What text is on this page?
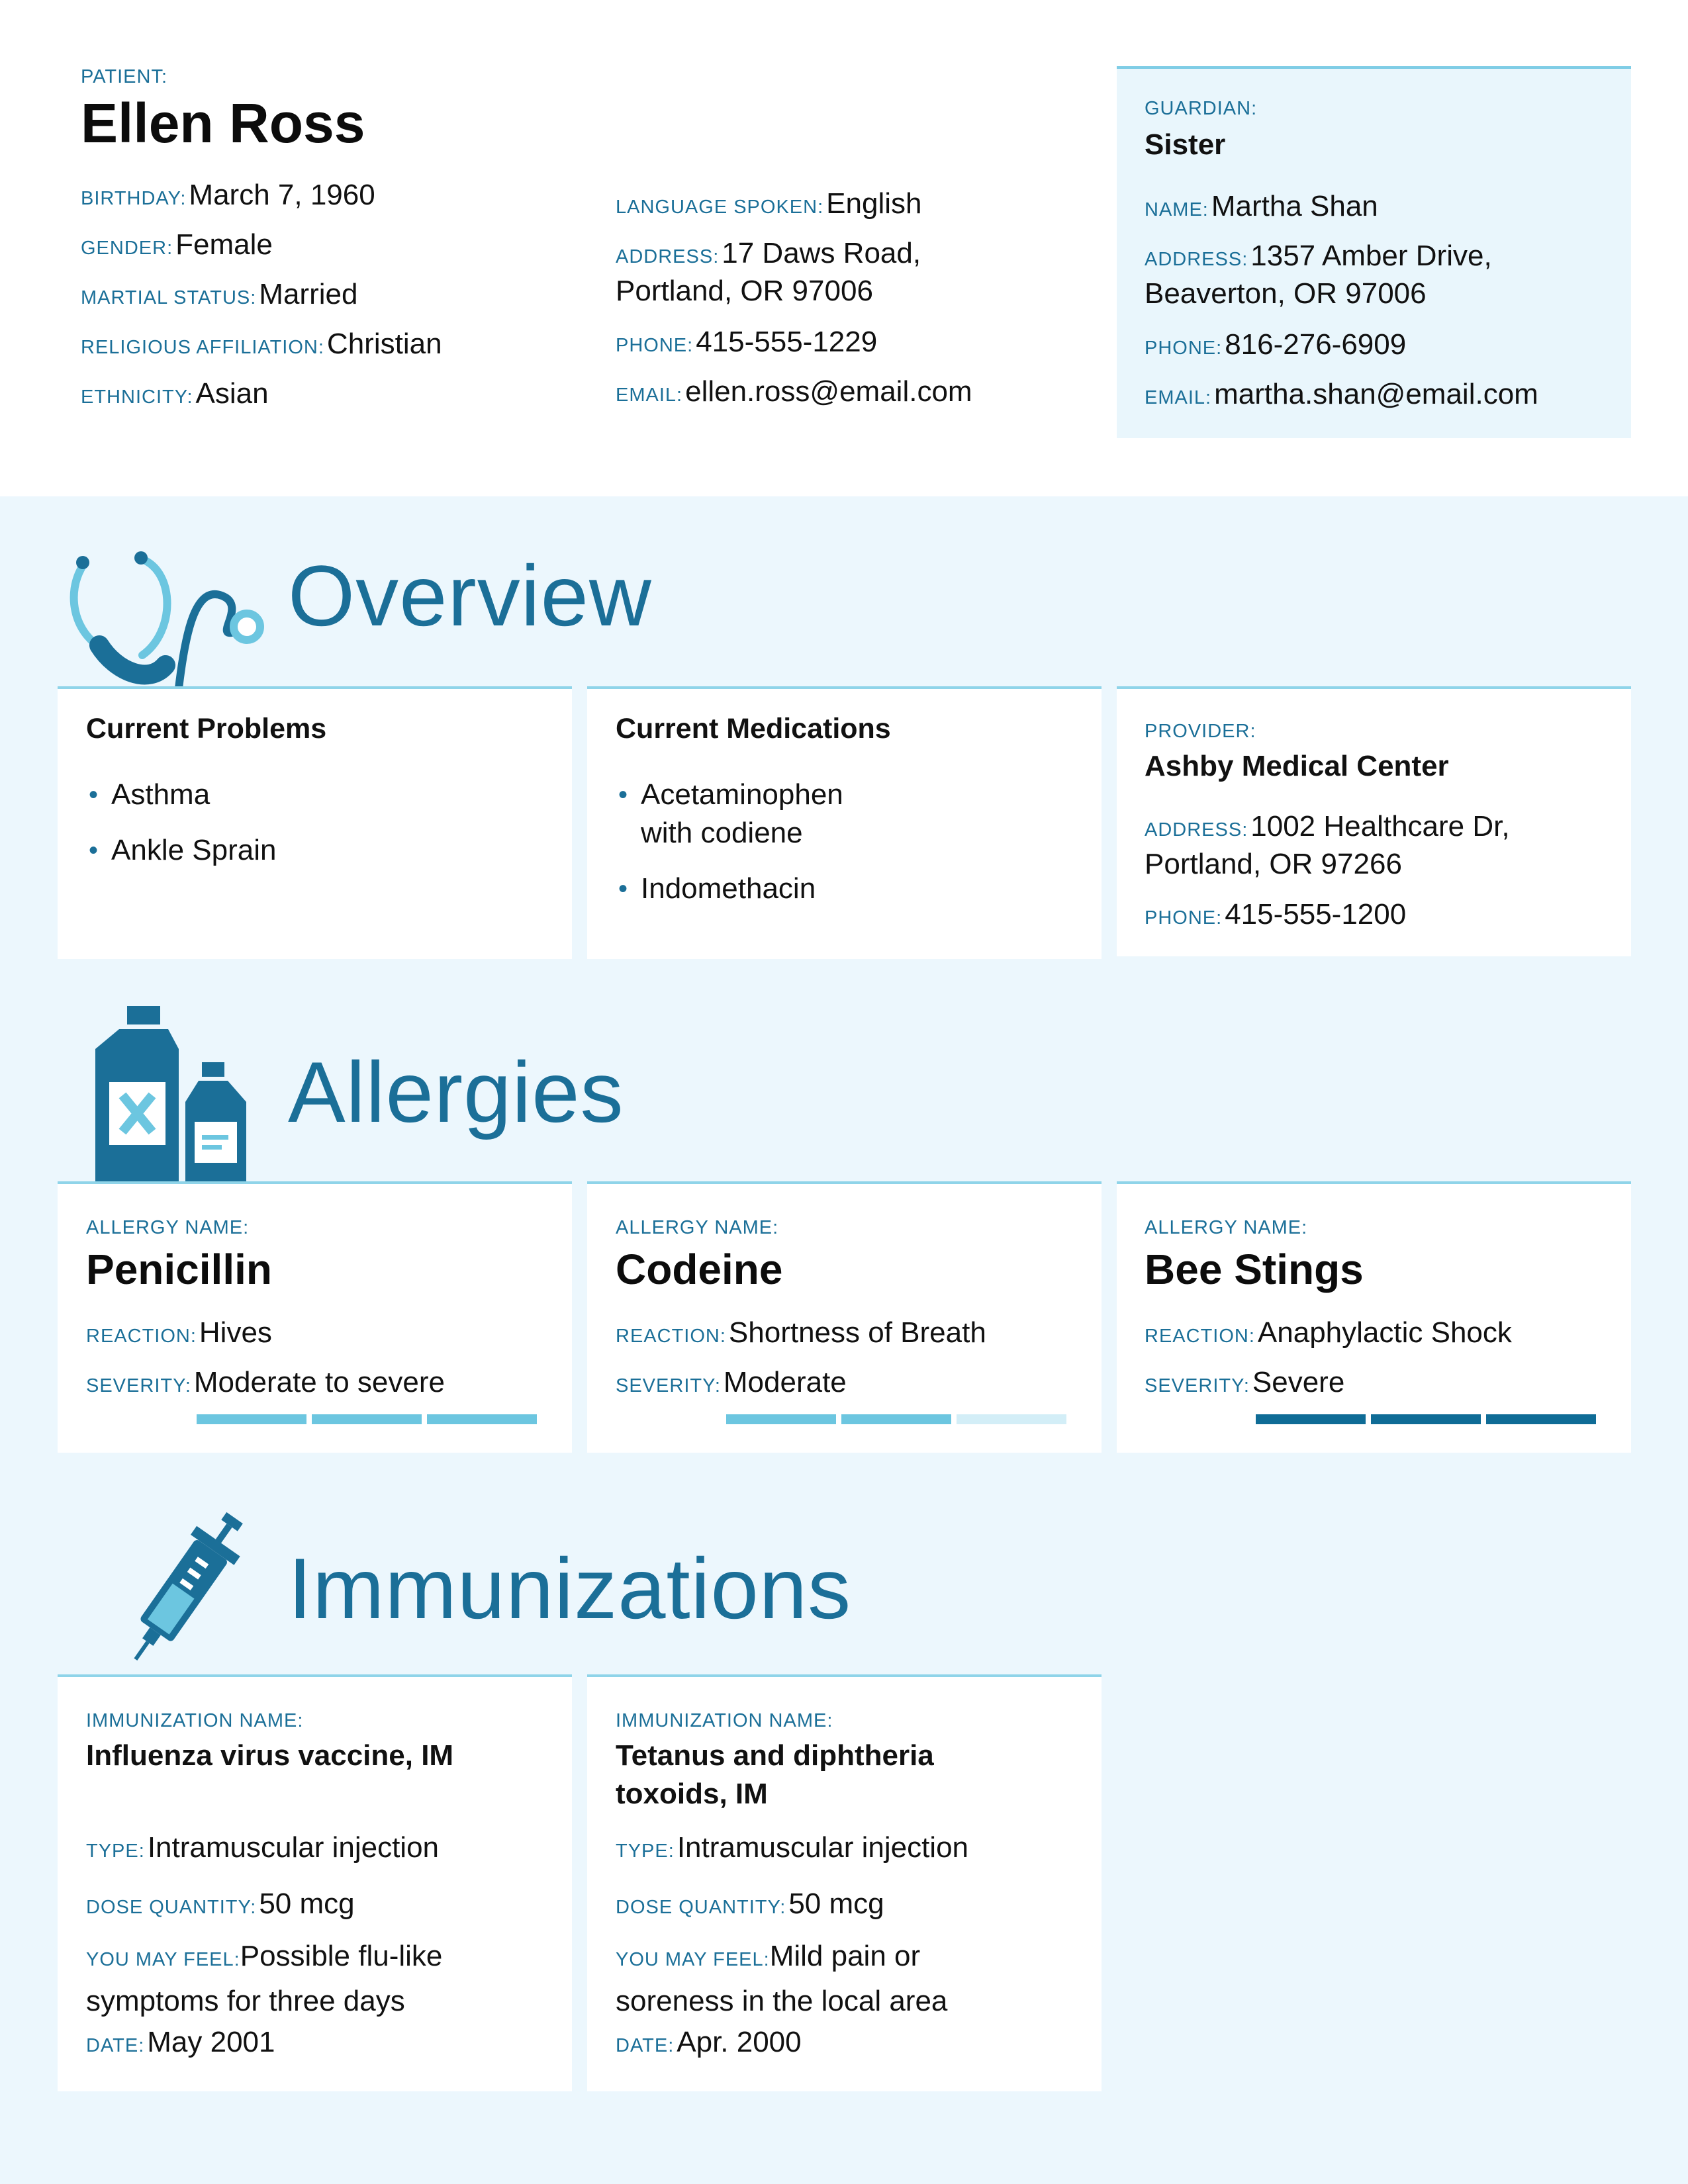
PATIENT:
Ellen Ross
BIRTHDAY:March 7, 1960
GENDER:Female
MARTIAL STATUS:Married
RELIGIOUS AFFILIATION:Christian
ETHNICITY:Asian
LANGUAGE SPOKEN:English
ADDRESS:17 Daws Road,
Portland, OR 97006
PHONE:415-555-1229
EMAIL:ellen.ross@email.com
GUARDIAN:
Sister
NAME:Martha Shan
ADDRESS:1357 Amber Drive,
Beaverton, OR 97006
PHONE:816-276-6909
EMAIL:martha.shan@email.com
Overview
Current Problems
• Asthma
• Ankle Sprain
Current Medications
• Acetaminophen
with codiene
• Indomethacin
PROVIDER:
Ashby Medical Center
ADDRESS:1002 Healthcare Dr,
Portland, OR 97266
PHONE:415-555-1200
Allergies
ALLERGY NAME:
Penicillin
REACTION:Hives
SEVERITY:Moderate to severe
ALLERGY NAME:
Codeine
REACTION:Shortness of Breath
SEVERITY:Moderate
ALLERGY NAME:
Bee Stings
REACTION:Anaphylactic Shock
SEVERITY:Severe
Immunizations
IMMUNIZATION NAME:
Influenza virus vaccine, IM

TYPE:Intramuscular injection
DOSE QUANTITY:50 mcg
YOU MAY FEEL:Possible flu-like
symptoms for three days
DATE:May 2001
IMMUNIZATION NAME:
Tetanus and diphtheria
toxoids, IM
TYPE:Intramuscular injection
DOSE QUANTITY:50 mcg
YOU MAY FEEL:Mild pain or
soreness in the local area
DATE:Apr. 2000
